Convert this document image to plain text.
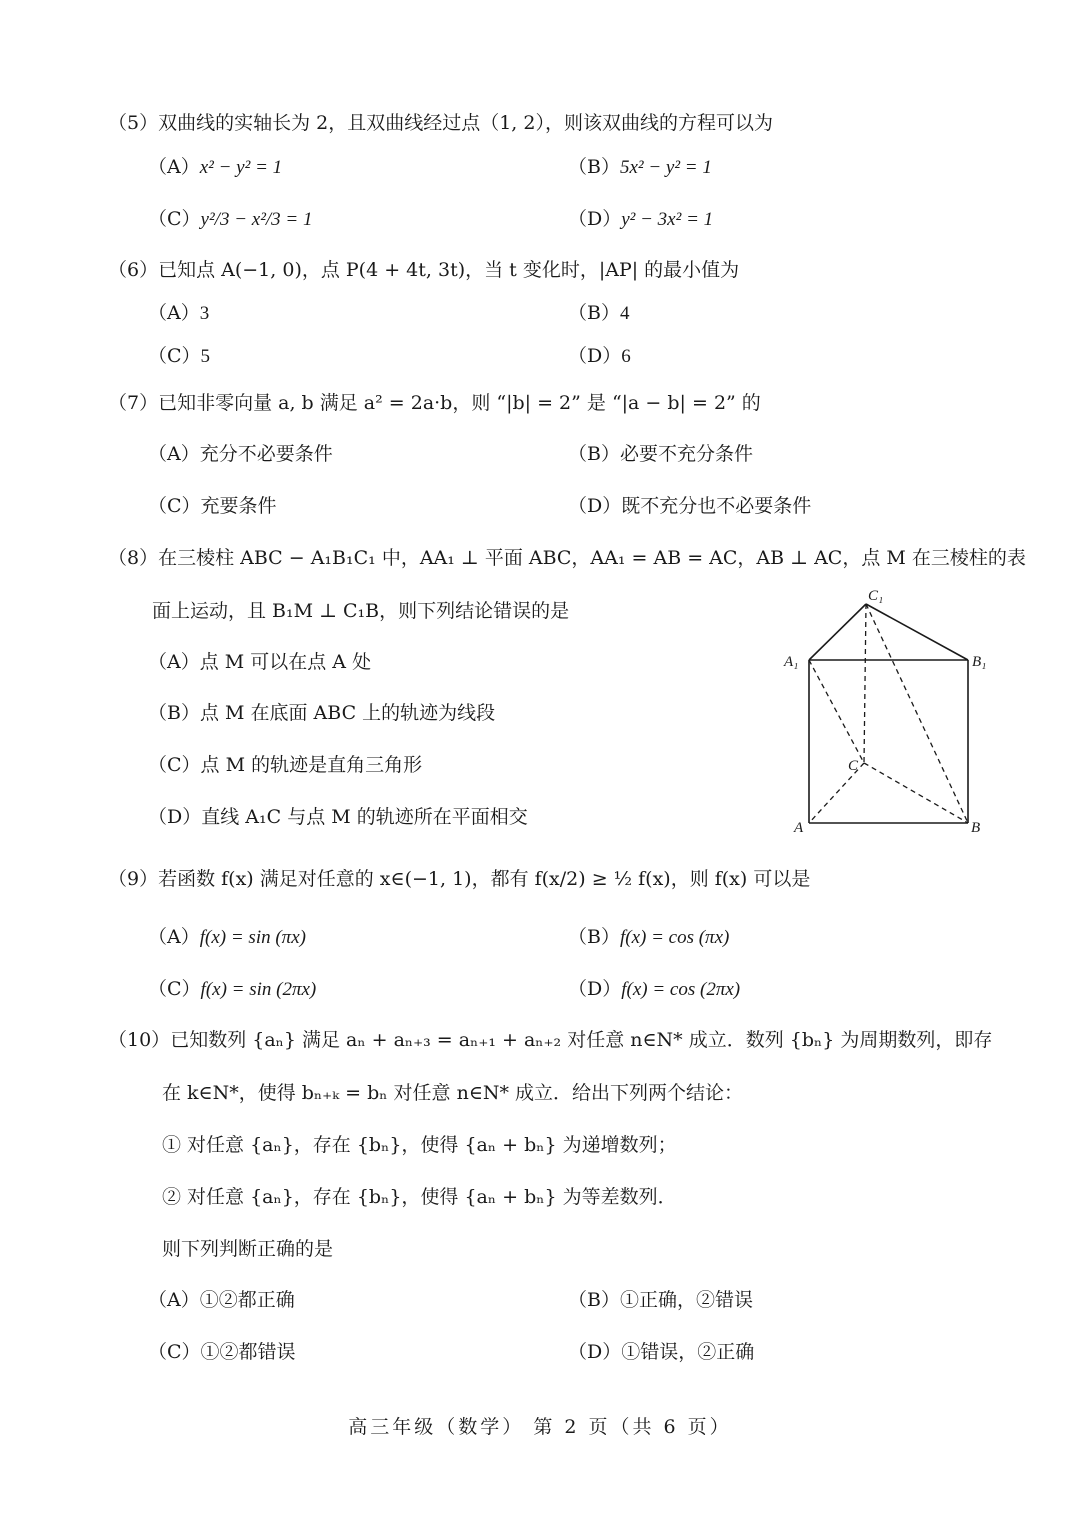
（5）双曲线的实轴长为 2，且双曲线经过点（1, 2），则该双曲线的方程可以为
（A）x² − y² = 1	（B）5x² − y² = 1
（C）y²/3 − x²/3 = 1	（D）y² − 3x² = 1
（6）已知点 A(−1, 0)，点 P(4 + 4t, 3t)，当 t 变化时，|AP| 的最小值为
（A）3	（B）4
（C）5	（D）6
（7）已知非零向量 a, b 满足 a² = 2a·b，则 “|b| = 2” 是 “|a − b| = 2” 的
（A）充分不必要条件	（B）必要不充分条件
（C）充要条件	（D）既不充分也不必要条件
（8）在三棱柱 ABC − A₁B₁C₁ 中，AA₁ ⊥ 平面 ABC，AA₁ = AB = AC，AB ⊥ AC，点 M 在三棱柱的表
面上运动，且 B₁M ⊥ C₁B，则下列结论错误的是
（A）点 M 可以在点 A 处
（B）点 M 在底面 ABC 上的轨迹为线段
（C）点 M 的轨迹是直角三角形
（D）直线 A₁C 与点 M 的轨迹所在平面相交
C₁
A₁	B₁
C
A	B
（9）若函数 f(x) 满足对任意的 x∈(−1, 1)，都有 f(x/2) ≥ ½ f(x)，则 f(x) 可以是
（A）f(x) = sin (πx)	（B）f(x) = cos (πx)
（C）f(x) = sin (2πx)	（D）f(x) = cos (2πx)
（10）已知数列 {aₙ} 满足 aₙ + aₙ₊₃ = aₙ₊₁ + aₙ₊₂ 对任意 n∈N* 成立．数列 {bₙ} 为周期数列，即存
在 k∈N*，使得 bₙ₊ₖ = bₙ 对任意 n∈N* 成立．给出下列两个结论：
① 对任意 {aₙ}，存在 {bₙ}，使得 {aₙ + bₙ} 为递增数列；
② 对任意 {aₙ}，存在 {bₙ}，使得 {aₙ + bₙ} 为等差数列．
则下列判断正确的是
（A）①②都正确	（B）①正确，②错误
（C）①②都错误	（D）①错误，②正确
高三年级（数学） 第 2 页（共 6 页）
